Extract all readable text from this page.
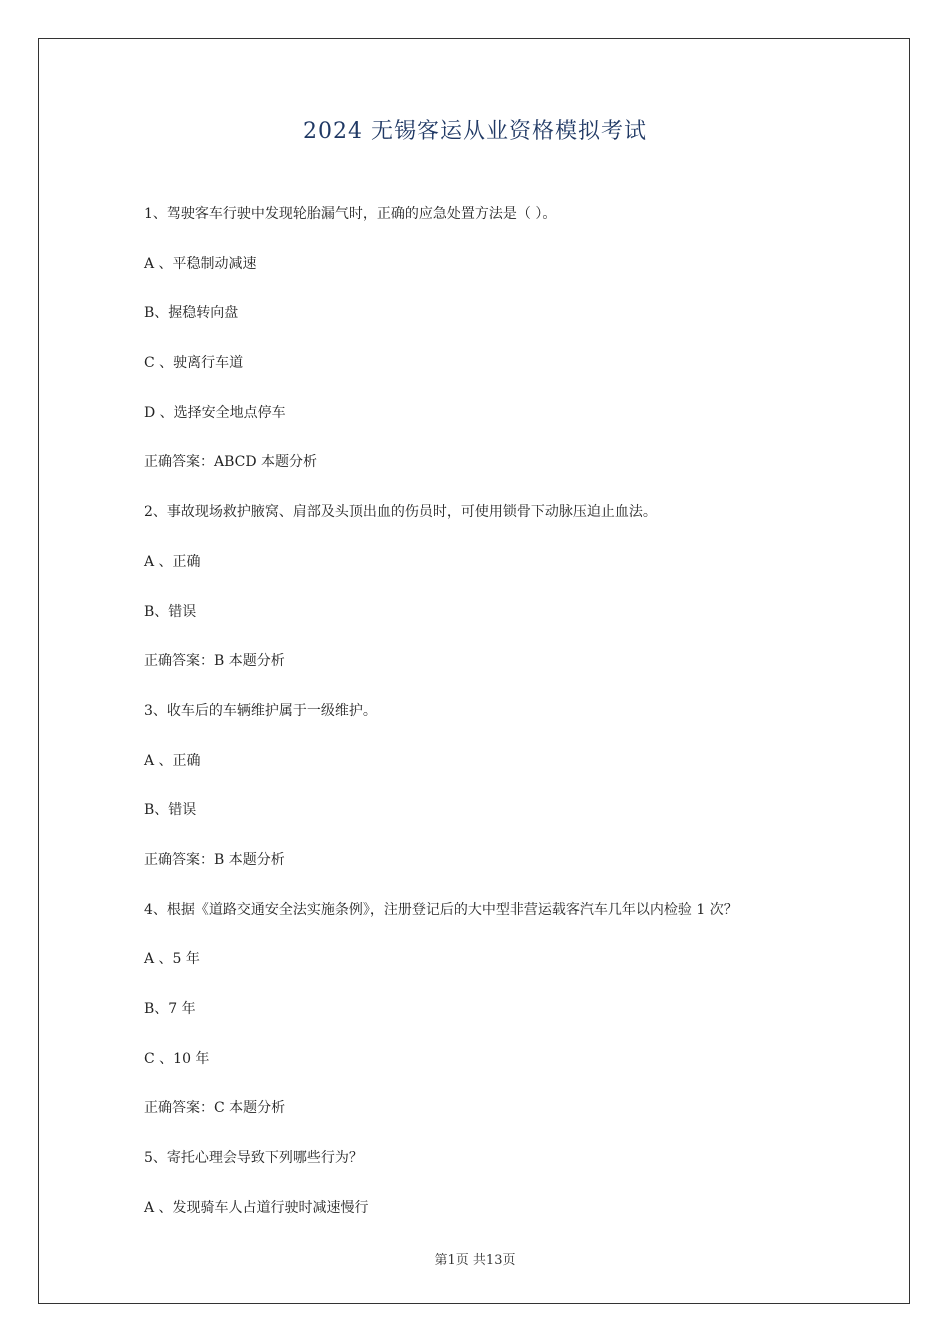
2024 无锡客运从业资格模拟考试
1、驾驶客车行驶中发现轮胎漏气时，正确的应急处置方法是（ ）。
A 、平稳制动减速
B、握稳转向盘
C 、驶离行车道
D 、选择安全地点停车
正确答案：ABCD 本题分析
2、事故现场救护腋窝、肩部及头顶出血的伤员时，可使用锁骨下动脉压迫止血法。
A 、正确
B、错误
正确答案：B 本题分析
3、收车后的车辆维护属于一级维护。
A 、正确
B、错误
正确答案：B 本题分析
4、根据《道路交通安全法实施条例》，注册登记后的大中型非营运载客汽车几年以内检验 1 次？
A 、5 年
B、7 年
C 、10 年
正确答案：C 本题分析
5、寄托心理会导致下列哪些行为？
A 、发现骑车人占道行驶时减速慢行
第1页 共13页
